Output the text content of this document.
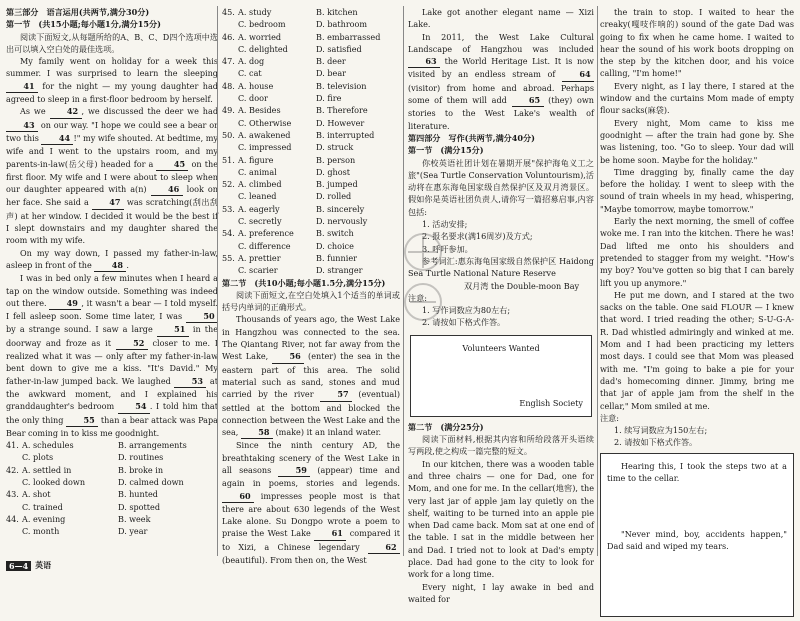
第三部分　语言运用(共两节,满分30分)

第一节　(共15小题;每小题1分,满分15分)

阅读下面短文,从每题所给的A、B、C、D四个选项中选出可以填入空白处的最佳选项。

My family went on holiday for a week this summer. I was surprised to learn the sleeping 41 for the night — my young daughter had agreed to sleep in a first-floor bedroom by herself.

As we 42 , we discussed the deer we had 43 on our way. "I hope we could see a bear or two this 44 !" my wife shouted. At bedtime, my wife and I went to the upstairs room, and my parents-in-law(岳父母) headed for a 45 on the first floor. My wife and I were about to sleep when our daughter appeared with a(n) 46 look on her face. She said a 47 was scratching(刮出刮声) at her window. I decided it would be the best if I slept downstairs and my daughter shared the room with my wife.

On my way down, I passed my father-in-law, asleep in front of the 48 .

I was in bed only a few minutes when I heard a tap on the window outside. Something was indeed out there. 49 , it wasn't a bear — I told myself. I fell asleep soon. Some time later, I was 50 by a strange sound. I saw a large 51 in the doorway and froze as it 52 closer to me. I realized what it was — only after my father-in-law bent down to give me a kiss. "It's David." My father-in-law jumped back. We laughed 53 at the awkward moment, and I explained his granddaughter's bedroom 54 . I told him that the only thing 55 than a bear attack was Papa Bear coming in to kiss me goodnight.

41. A. schedules	B. arrangements
C. plots	D. routines
42. A. settled in	B. broke in
C. looked down	D. calmed down
43. A. shot	B. hunted
C. trained	D. spotted
44. A. evening	B. week
C. month	D. year
45. A. study	B. kitchen
C. bedroom	D. bathroom
46. A. worried	B. embarrassed
C. delighted	D. satisfied
47. A. dog	B. deer
C. cat	D. bear
48. A. house	B. television
C. door	D. fire
49. A. Besides	B. Therefore
C. Otherwise	D. However
50. A. awakened	B. interrupted
C. impressed	D. struck
51. A. figure	B. person
C. animal	D. ghost
52. A. climbed	B. jumped
C. leaned	D. rolled
53. A. eagerly	B. sincerely
C. secretly	D. nervously
54. A. preference	B. switch
C. difference	D. choice
55. A. prettier	B. funnier
C. scarier	D. stranger

第二节　(共10小题;每小题1.5分,满分15分)

阅读下面短文,在空白处填入1个适当的单词或括号内单词的正确形式。

Thousands of years ago, the West Lake in Hangzhou was connected to the sea. The Qiantang River, not far away from the West Lake, 56 (enter) the sea in the eastern part of this area. The solid material such as sand, stones and mud carried by the river 57 (eventual) settled at the bottom and blocked the connection between the West Lake and the sea, 58 (make) it an inland water.

Since the ninth century AD, the breathtaking scenery of the West Lake in all seasons 59 (appear) time and again in poems, stories and legends. 60 impresses people most is that there are about 630 legends of the West Lake alone. Su Dongpo wrote a poem to praise the West Lake 61 compared it to Xizi, a Chinese legendary 62 (beautiful). From then on, the West

Lake got another elegant name — Xizi Lake.

In 2011, the West Lake Cultural Landscape of Hangzhou was included 63 the World Heritage List. It is now visited by an endless stream of 64 (visitor) from home and abroad. Perhaps some of them will add 65 (they) own stories to the West Lake's wealth of literature.

第四部分　写作(共两节,满分40分)

第一节　(满分15分)

你校英语社团计划在暑期开展"保护海龟义工之旅"(Sea Turtle Conservation Voluntourism),活动将在惠东海龟国家级自然保护区及双月湾景区。假如你是英语社团负责人,请你写一篇招募启事,内容包括:

1. 活动安排;

2. 报名要求(满16周岁)及方式;

3. 呼吁参加。

参考词汇:惠东海龟国家级自然保护区 Haidong Sea Turtle National Nature Reserve

双月湾 the Double-moon Bay

注意:

1. 写作词数应为80左右;

2. 请按如下格式作答。

Volunteers Wanted
English Society

第二节　(满分25分)

阅读下面材料,根据其内容和所给段落开头语续写两段,使之构成一篇完整的短文。

In our kitchen, there was a wooden table and three chairs — one for Dad, one for Mom, and one for me. In the cellar(地窖), the very last jar of apple jam lay quietly on the shelf, waiting to be turned into an apple pie when Dad came back. Mom sat at one end of the table. I sat in the middle between her and Dad. I tried not to look at Dad's empty place. Dad had gone to the city to look for work for a long time.

Every night, I lay awake in bed and waited for

the train to stop. I waited to hear the creaky(嘎吱作响的) sound of the gate Dad was going to fix when he came home. I waited to hear the sound of his work boots dropping on the step by the kitchen door, and his voice calling, "I'm home!"

Every night, as I lay there, I stared at the window and the curtains Mom made of empty flour sacks(麻袋).

Every night, Mom came to kiss me goodnight — after the train had gone by. She was listening, too. "Go to sleep. Your dad will be home soon. Maybe for the holiday."

Time dragging by, finally came the day before the holiday. I went to sleep with the sound of train wheels in my head, whispering, "Maybe tomorrow, maybe tomorrow."

Early the next morning, the smell of coffee woke me. I ran into the kitchen. There he was! Dad lifted me onto his shoulders and pretended to stagger from my weight. "How's my boy? You've gotten so big that I can barely lift you up anymore."

He put me down, and I stared at the two sacks on the table. One said FLOUR — I knew that word. I tried reading the other; S-U-G-A-R. Dad whistled admiringly and winked at me. Mom and I had been practicing my letters most days. I could see that Mom was pleased with me. "I'm going to bake a pie for your dad's homecoming dinner. Jimmy, bring me that jar of apple jam from the shelf in the cellar," Mom smiled at me.

注意:

1. 续写词数应为150左右;

2. 请按如下格式作答。

Hearing this, I took the steps two at a time to the cellar.

"Never mind, boy, accidents happen," Dad said and wiped my tears.

6—4 英语
